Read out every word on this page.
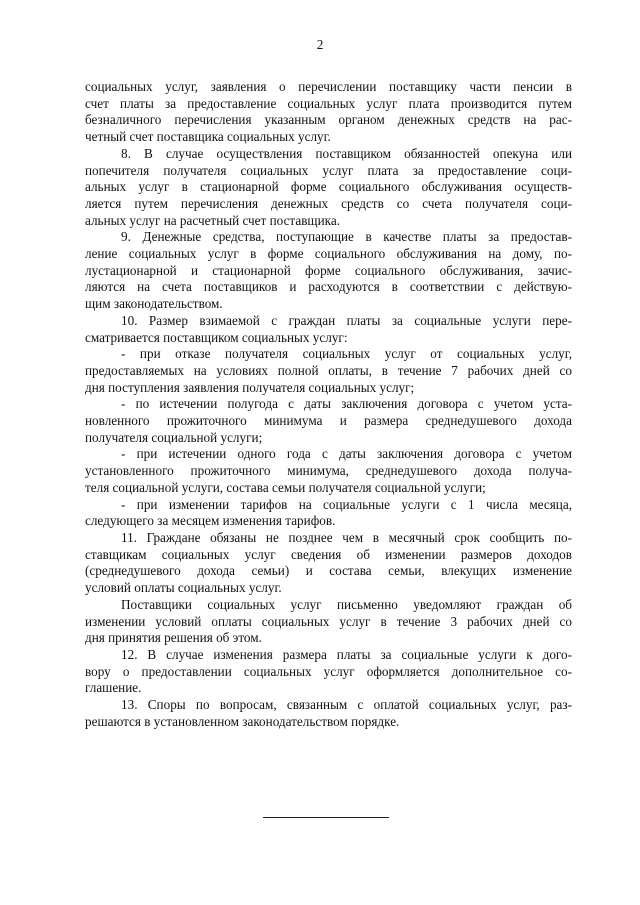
2
социальных услуг, заявления о перечислении поставщику части пенсии в
счет платы за предоставление социальных услуг плата производится путем
безналичного перечисления указанным органом денежных средств на рас-
четный счет поставщика социальных услуг.
8. В случае осуществления поставщиком обязанностей опекуна или
попечителя получателя социальных услуг плата за предоставление соци-
альных услуг в стационарной форме социального обслуживания осуществ-
ляется путем перечисления денежных средств со счета получателя соци-
альных услуг на расчетный счет поставщика.
9. Денежные средства, поступающие в качестве платы за предостав-
ление социальных услуг в форме социального обслуживания на дому, по-
лустационарной и стационарной форме социального обслуживания, зачис-
ляются на счета поставщиков и расходуются в соответствии с действую-
щим законодательством.
10. Размер взимаемой с граждан платы за социальные услуги пере-
сматривается поставщиком социальных услуг:
- при отказе получателя социальных услуг от социальных услуг,
предоставляемых на условиях полной оплаты, в течение 7 рабочих дней со
дня поступления заявления получателя социальных услуг;
- по истечении полугода с даты заключения договора с учетом уста-
новленного прожиточного минимума и размера среднедушевого дохода
получателя социальной услуги;
- при истечении одного года с даты заключения договора с учетом
установленного прожиточного минимума, среднедушевого дохода получа-
теля социальной услуги, состава семьи получателя социальной услуги;
- при изменении тарифов на социальные услуги с 1 числа месяца,
следующего за месяцем изменения тарифов.
11. Граждане обязаны не позднее чем в месячный срок сообщить по-
ставщикам социальных услуг сведения об изменении размеров доходов
(среднедушевого дохода семьи) и состава семьи, влекущих изменение
условий оплаты социальных услуг.
Поставщики социальных услуг письменно уведомляют граждан об
изменении условий оплаты социальных услуг в течение 3 рабочих дней со
дня принятия решения об этом.
12. В случае изменения размера платы за социальные услуги к дого-
вору о предоставлении социальных услуг оформляется дополнительное со-
глашение.
13. Споры по вопросам, связанным с оплатой социальных услуг, раз-
решаются в установленном законодательством порядке.
